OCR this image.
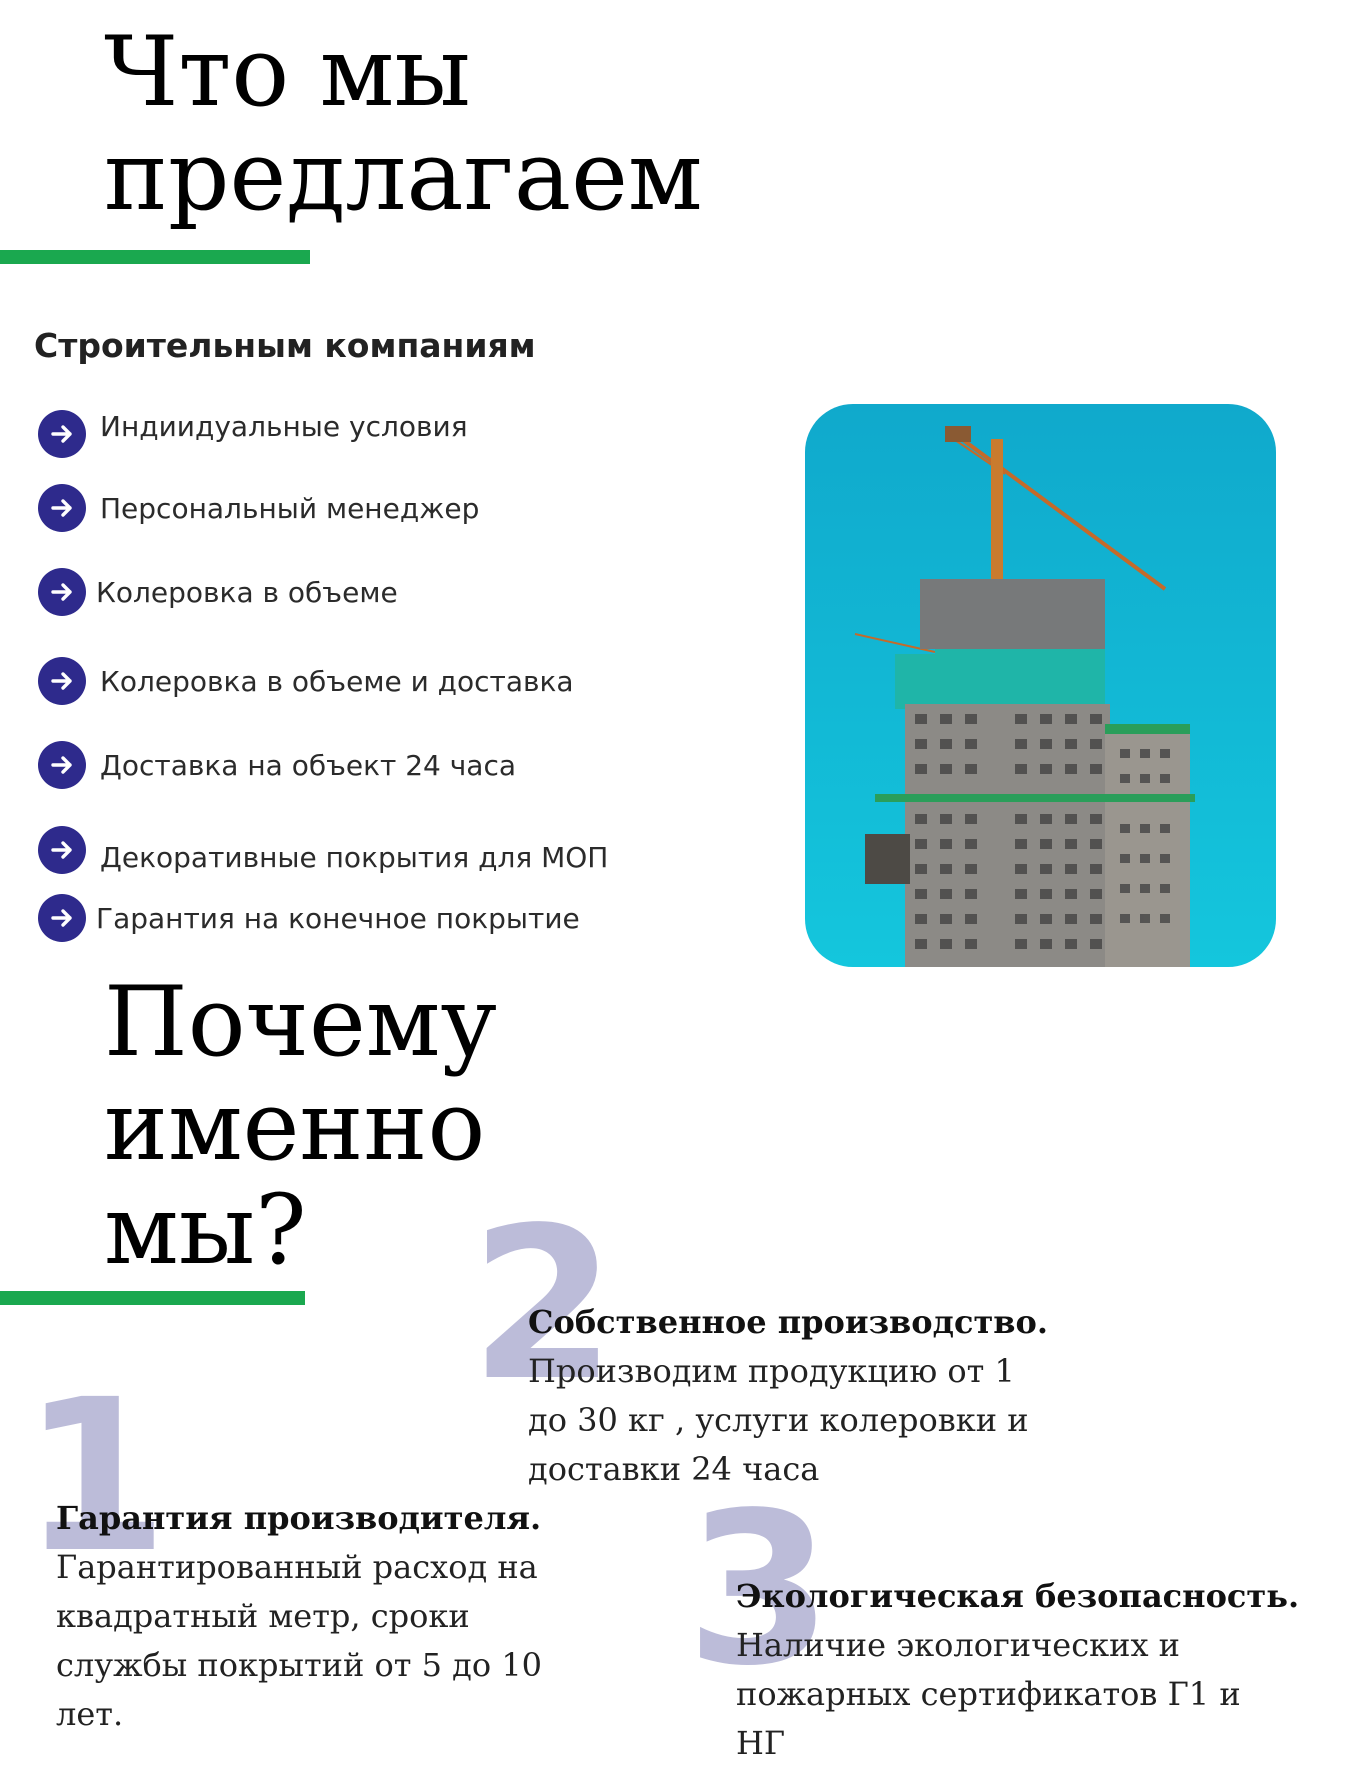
Что мы
предлагаем
Строительным компаниям
Индиидуальные условия
Персональный менеджер
Колеровка в объеме
Колеровка в объеме и доставка
Доставка на объект 24 часа
Декоративные покрытия для МОП
Гарантия на конечное покрытие
Почему
именно
мы? 2
1 3
Собственное производство.
Производим продукцию от 1
до 30 кг , услуги колеровки и
доставки 24 часа
Гарантия производителя.
Гарантированный расход на
квадратный метр, сроки
службы покрытий от 5 до 10
лет.
Экологическая безопасность.
Наличие экологических и
пожарных сертификатов Г1 и
НГ
